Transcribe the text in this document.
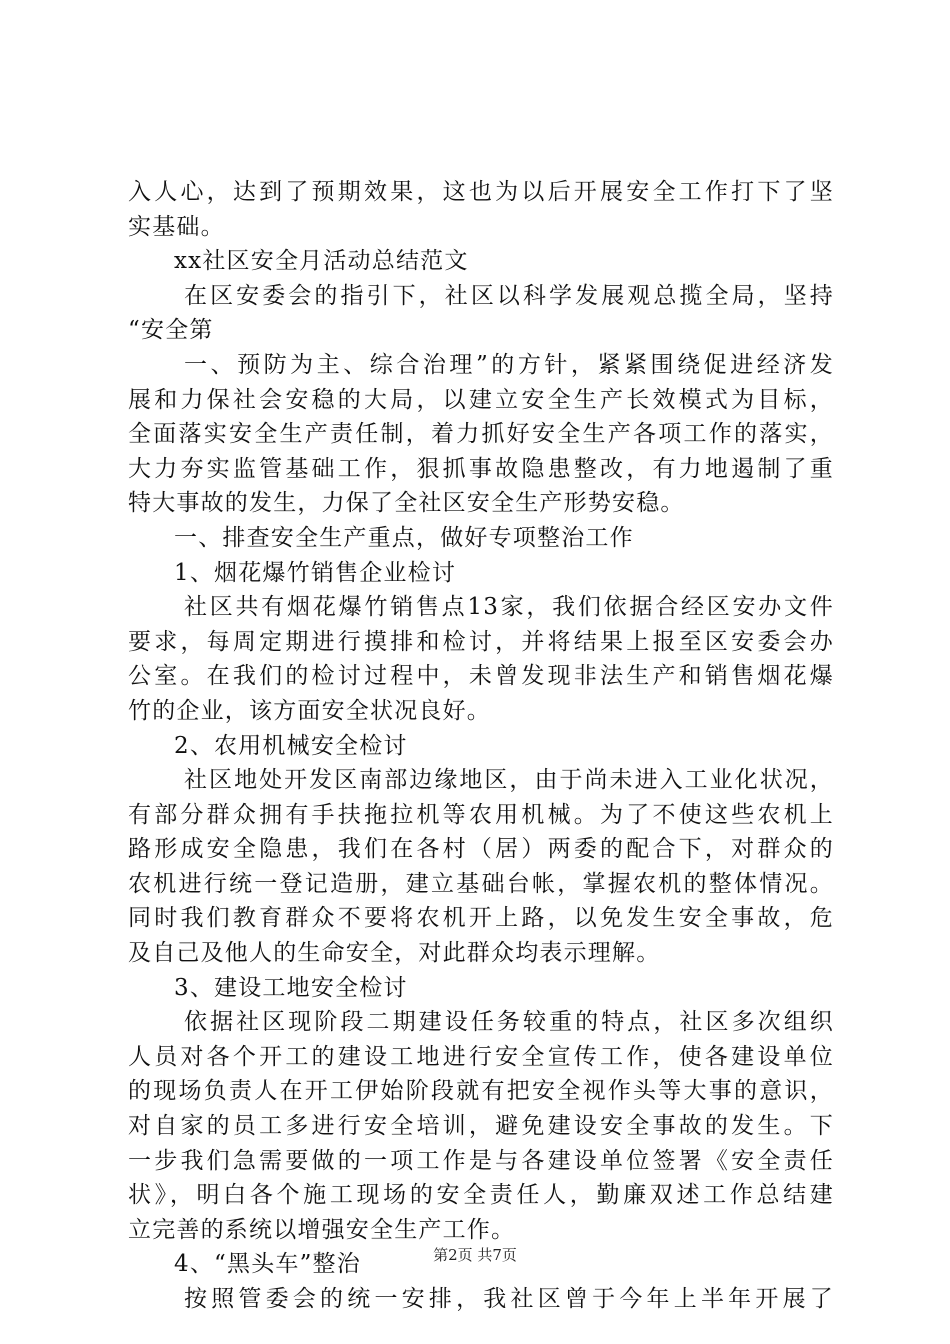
入人心，达到了预期效果，这也为以后开展安全工作打下了坚
实基础。
xx社区安全月活动总结范文
在区安委会的指引下，社区以科学发展观总揽全局，坚持
“安全第
一、预防为主、综合治理”的方针，紧紧围绕促进经济发
展和力保社会安稳的大局，以建立安全生产长效模式为目标，
全面落实安全生产责任制，着力抓好安全生产各项工作的落实，
大力夯实监管基础工作，狠抓事故隐患整改，有力地遏制了重
特大事故的发生，力保了全社区安全生产形势安稳。
一、排查安全生产重点，做好专项整治工作
1、烟花爆竹销售企业检讨
社区共有烟花爆竹销售点13家，我们依据合经区安办文件
要求，每周定期进行摸排和检讨，并将结果上报至区安委会办
公室。在我们的检讨过程中，未曾发现非法生产和销售烟花爆
竹的企业，该方面安全状况良好。
2、农用机械安全检讨
社区地处开发区南部边缘地区，由于尚未进入工业化状况，
有部分群众拥有手扶拖拉机等农用机械。为了不使这些农机上
路形成安全隐患，我们在各村（居）两委的配合下，对群众的
农机进行统一登记造册，建立基础台帐，掌握农机的整体情况。
同时我们教育群众不要将农机开上路，以免发生安全事故，危
及自己及他人的生命安全，对此群众均表示理解。
3、建设工地安全检讨
依据社区现阶段二期建设任务较重的特点，社区多次组织
人员对各个开工的建设工地进行安全宣传工作，使各建设单位
的现场负责人在开工伊始阶段就有把安全视作头等大事的意识，
对自家的员工多进行安全培训，避免建设安全事故的发生。下
一步我们急需要做的一项工作是与各建设单位签署《安全责任
状》，明白各个施工现场的安全责任人，勤廉双述工作总结建
立完善的系统以增强安全生产工作。
4、“黑头车”整治
按照管委会的统一安排，我社区曾于今年上半年开展了
第2页 共7页
